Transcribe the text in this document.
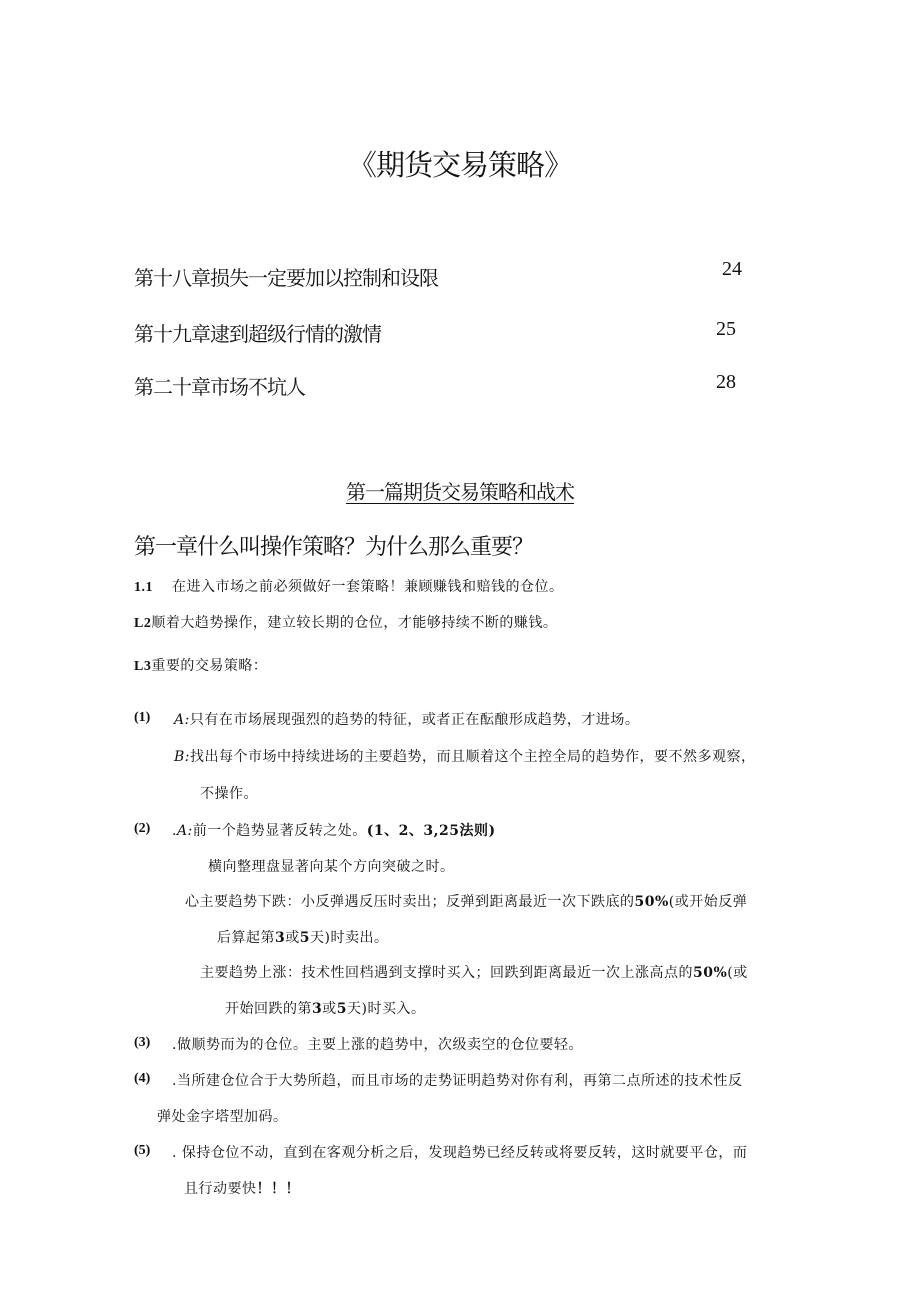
《期货交易策略》
第十八章损失一定要加以控制和设限	24
第十九章逮到超级行情的激情	25
第二十章市场不坑人	28
第一篇期货交易策略和战术
第一章什么叫操作策略？为什么那么重要？
1.1 在进入市场之前必须做好一套策略！兼顾赚钱和赔钱的仓位。
L2顺着大趋势操作，建立较长期的仓位，才能够持续不断的赚钱。
L3重要的交易策略：
(1) A:只有在市场展现强烈的趋势的特征，或者正在酝酿形成趋势，才进场。
B:找出每个市场中持续进场的主要趋势，而且顺着这个主控全局的趋势作，要不然多观察，
不操作。
(2) .A:前一个趋势显著反转之处。(1、2、3,25法则)
横向整理盘显著向某个方向突破之时。
心主要趋势下跌：小反弹遇反压时卖出；反弹到距离最近一次下跌底的50%(或开始反弹
后算起第3或5天)时卖出。
主要趋势上涨：技术性回档遇到支撑时买入；回跌到距离最近一次上涨高点的50%(或
开始回跌的第3或5天)时买入。
(3) .做顺势而为的仓位。主要上涨的趋势中，次级卖空的仓位要轻。
(4) .当所建仓位合于大势所趋，而且市场的走势证明趋势对你有利，再第二点所述的技术性反
弹处金字塔型加码。
(5) . 保持仓位不动，直到在客观分析之后，发现趋势已经反转或将要反转，这时就要平仓，而
且行动要快！！！
